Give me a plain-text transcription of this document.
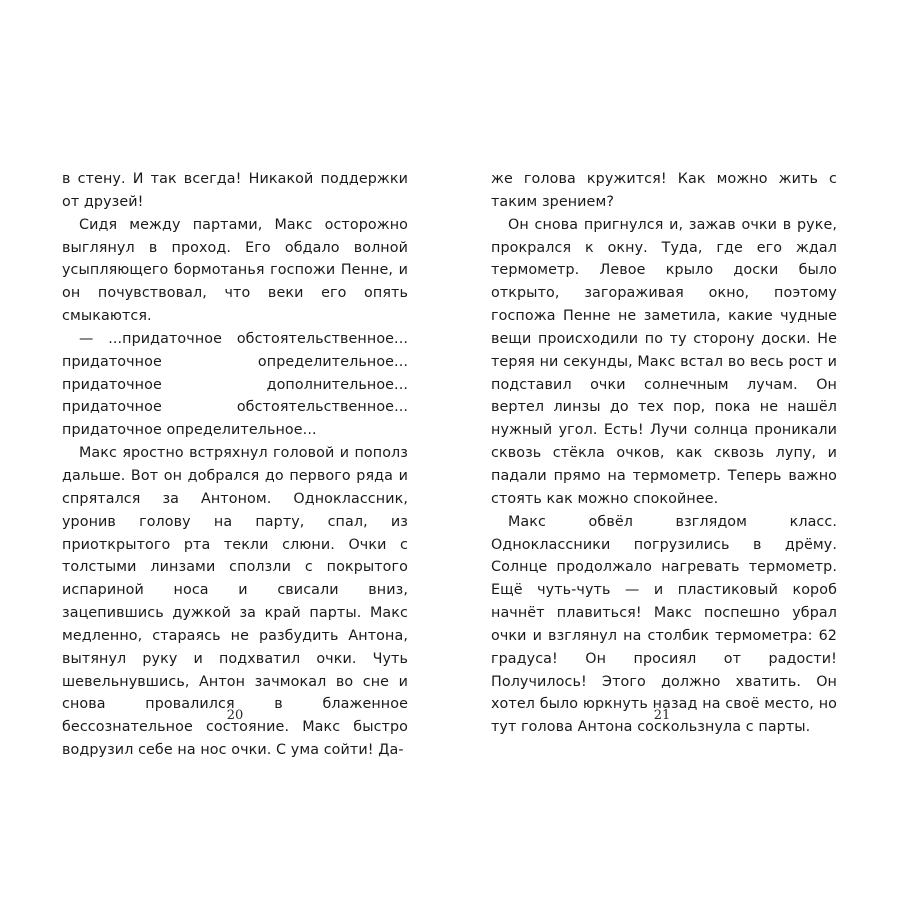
в стену. И так всегда! Никакой поддержки от друзей!

Сидя между партами, Макс осторожно выглянул в проход. Его обдало волной усыпляющего бормотанья госпожи Пенне, и он почувствовал, что веки его опять смыкаются.

— ...придаточное обстоятельственное... придаточное определительное... придаточное дополнительное... придаточное обстоятельственное... придаточное определительное...

Макс яростно встряхнул головой и пополз дальше. Вот он добрался до первого ряда и спрятался за Антоном. Одноклассник, уронив голову на парту, спал, из приоткрытого рта текли слюни. Очки с толстыми линзами сползли с покрытого испариной носа и свисали вниз, зацепившись дужкой за край парты. Макс медленно, стараясь не разбудить Антона, вытянул руку и подхватил очки. Чуть шевельнувшись, Антон зачмокал во сне и снова провалился в блаженное бессознательное состояние. Макс быстро водрузил себе на нос очки. С ума сойти! Да-

20

же голова кружится! Как можно жить с таким зрением?

Он снова пригнулся и, зажав очки в руке, прокрался к окну. Туда, где его ждал термометр. Левое крыло доски было открыто, загораживая окно, поэтому госпожа Пенне не заметила, какие чудные вещи происходили по ту сторону доски. Не теряя ни секунды, Макс встал во весь рост и подставил очки солнечным лучам. Он вертел линзы до тех пор, пока не нашёл нужный угол. Есть! Лучи солнца проникали сквозь стёкла очков, как сквозь лупу, и падали прямо на термометр. Теперь важно стоять как можно спокойнее.

Макс обвёл взглядом класс. Одноклассники погрузились в дрёму. Солнце продолжало нагревать термометр. Ещё чуть-чуть — и пластиковый короб начнёт плавиться! Макс поспешно убрал очки и взглянул на столбик термометра: 62 градуса! Он просиял от радости! Получилось! Этого должно хватить. Он хотел было юркнуть назад на своё место, но тут голова Антона соскользнула с парты.

21
